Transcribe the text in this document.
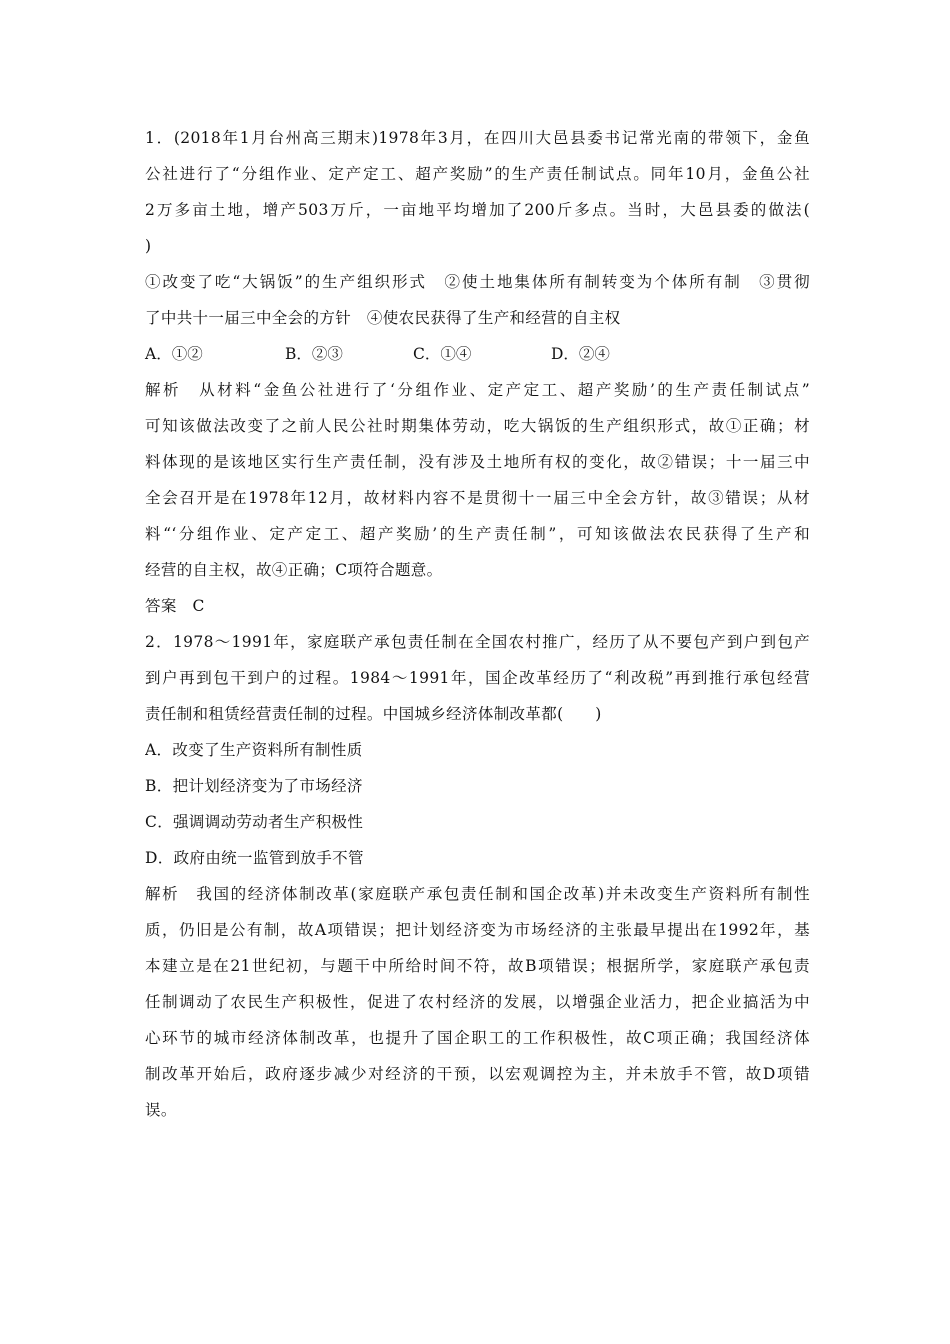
1．(2018年1月台州高三期末)1978年3月，在四川大邑县委书记常光南的带领下，金鱼
公社进行了“分组作业、定产定工、超产奖励”的生产责任制试点。同年10月，金鱼公社
2万多亩土地，增产503万斤，一亩地平均增加了200斤多点。当时，大邑县委的做法(
)
①改变了吃“大锅饭”的生产组织形式　②使土地集体所有制转变为个体所有制　③贯彻
了中共十一届三中全会的方针　④使农民获得了生产和经营的自主权
A．①②	B．②③	C．①④	D．②④
解析　从材料“金鱼公社进行了‘分组作业、定产定工、超产奖励’的生产责任制试点”
可知该做法改变了之前人民公社时期集体劳动，吃大锅饭的生产组织形式，故①正确；材
料体现的是该地区实行生产责任制，没有涉及土地所有权的变化，故②错误；十一届三中
全会召开是在1978年12月，故材料内容不是贯彻十一届三中全会方针，故③错误；从材
料“‘分组作业、定产定工、超产奖励’的生产责任制”，可知该做法农民获得了生产和
经营的自主权，故④正确；C项符合题意。
答案　C
2．1978～1991年，家庭联产承包责任制在全国农村推广，经历了从不要包产到户到包产
到户再到包干到户的过程。1984～1991年，国企改革经历了“利改税”再到推行承包经营
责任制和租赁经营责任制的过程。中国城乡经济体制改革都(　　)
A．改变了生产资料所有制性质
B．把计划经济变为了市场经济
C．强调调动劳动者生产积极性
D．政府由统一监管到放手不管
解析　我国的经济体制改革(家庭联产承包责任制和国企改革)并未改变生产资料所有制性
质，仍旧是公有制，故A项错误；把计划经济变为市场经济的主张最早提出在1992年，基
本建立是在21世纪初，与题干中所给时间不符，故B项错误；根据所学，家庭联产承包责
任制调动了农民生产积极性，促进了农村经济的发展，以增强企业活力，把企业搞活为中
心环节的城市经济体制改革，也提升了国企职工的工作积极性，故C项正确；我国经济体
制改革开始后，政府逐步减少对经济的干预，以宏观调控为主，并未放手不管，故D项错
误。
